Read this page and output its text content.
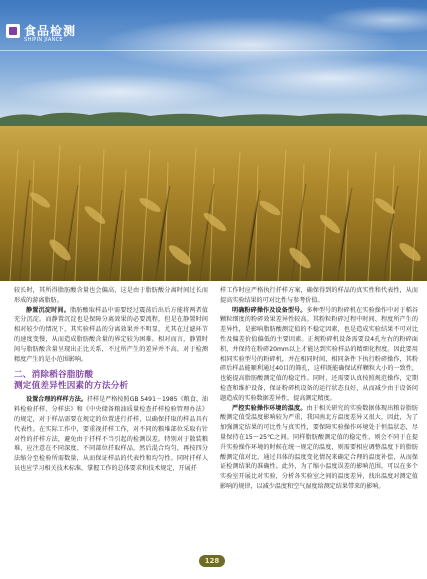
食品检测
SHIPIN JIANCE

较长时，其所得脂肪酸含量也会偏高，这是由于脂肪酸分离时间过长而形成的游离脂肪。

静置沉淀时间。脂肪酸取样品中需要经过震荡后出后方能将两者值充分沉淀。而静置沉淀也是保障分离效果的必要流程，但是在静置时间相对较少的情况下，其实验样品的分离效果并不明显，尤其在过滤环节的速度变慢，从而造成脂肪酸含量的界定较为困难。相对而言，静置时间与脂肪酸含量呈现出正比关系，不过所产生的差异并不高，对于检测精度产生的是小范围影响。

二、消除稻谷脂肪酸
测定值差异性因素的方法分析

设置合理的样样方法。扦样是严格按照GB 5491－1985《粮食、油料检验扦样、分样法》和《中央储备粮油质量检查扦样检验管理办法》的规定，对于样品需要在规定的位置进行扦样，以确保扦取的样品具有代表性。在实际工作中，要重视扦样工作，对不同的粮堆部位采取有针对性的扦样方法，避免由于扦样不当引起的检测误差。特别对于散装粮堆，应注意在不同深度、不同部位扦取样品，然后混合均匀，再按四分法缩分至检验所需数量，从而保证样品的代表性和均匀性。同时扦样人员也应学习相关技术标准，掌握工作的总体要求和技术规定，开展扦

样工作时应严格执行扦样方案，确保得到的样品的真实性和代表性，从而提高实验结果的可对比性与参考价值。

明确粉碎操作及设备型号。多种型号的粉碎机在实验操作中对于稻谷颗粒细度的粉碎效果差异性较高。其粉粒粉碎过程中时间、程度所产生的差异性，是影响脂肪酸测定值的不稳定因素，也是造成实验结果不可对比性及偏差价值偏低的主要因素。正规粉碎机设备需要设4孔左右的粉碎面积，并保持在粉碎20mm以上才能达到实验样品的精细化程度。因此要用相同实验型号的粉碎机，并在相同时间、相同条件下执行粉碎操作，其粉碎后样品能顺利通过40目的筛孔，这样既能确保试样颗粒大小的一致性，也能提高脂肪酸测定值的稳定性。同时，还需要认真按照规范操作，定期检查和维护设备，保证粉碎机设备的运行状态良好，从而减少由于设备问题造成的实验数据差异性，提高测定精度。

严控实验操作环境的温度。由于相关研究的实验数据体现出粮谷脂肪酸测定值受温度影响较为严重，我国南北方温度差异又很大，因此，为了加强测定结果的可比性与真实性，要保障实验操作环境处于恒温状态，尽量保持在15～25℃之间。同样脂肪酸测定值的稳定性，则会不同于在提升实验操作环境的时候在统一规定的温度，则需要相应调整温度下的脂肪酸测定值对比，通过具体的温度变化情况来确定合理的温度补偿，从而保证检测结果的准确性。此外，为了缩小温度误差的影响范围，可以在多个实验室开展比对实验，分析各实验室之间的温度差异，找出温度对测定值影响的规律，以减少温度和空气湿度给测定结果带来的影响。

128
